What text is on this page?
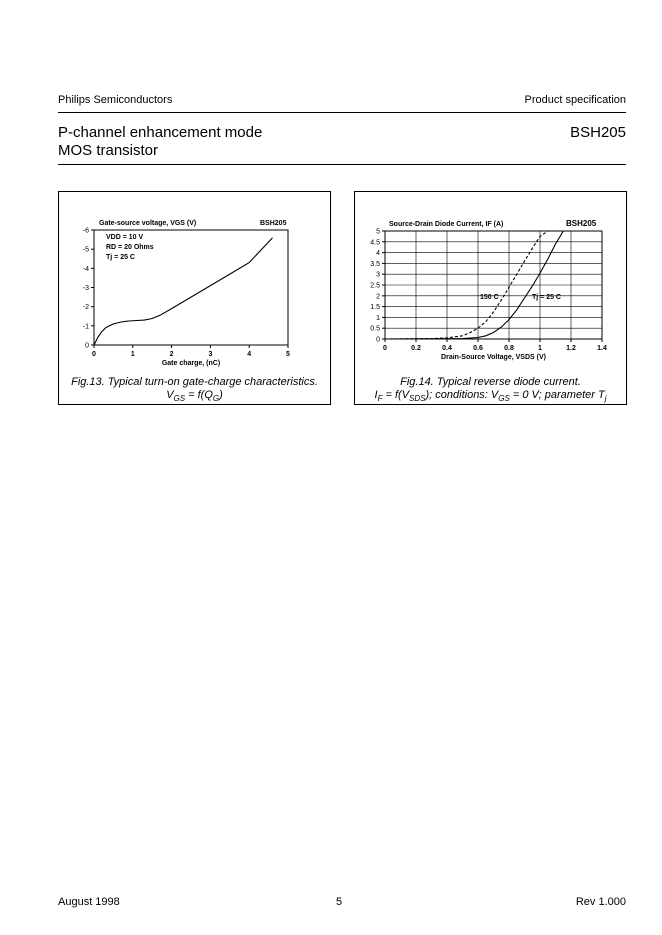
Philips Semiconductors	Product specification
P-channel enhancement mode
MOS transistor
BSH205
0
-1
-2
-3
-4
-5
-6
0	1	2	3	4	5
Gate-source voltage, VGS (V)	BSH205
Gate charge, (nC)
VDD = 10 V
RD = 20 Ohms
Tj = 25 C
Fig.13. Typical turn-on gate-charge characteristics.
$V_{GS} = f(Q_G)$
0
0.5
1
1.5
2
2.5
3
3.5
4
4.5
5
0	0.2	0.4	0.6	0.8	1	1.2	1.4
Source-Drain Diode Current, IF (A)	BSH205
Drain-Source Voltage, VSDS (V)
150 C	Tj = 25 C
Fig.14. Typical reverse diode current.
$I_F = f(V_{SDS})$; conditions: $V_{GS} = 0$ V; parameter $T_j$
August 1998	5	Rev 1.000
